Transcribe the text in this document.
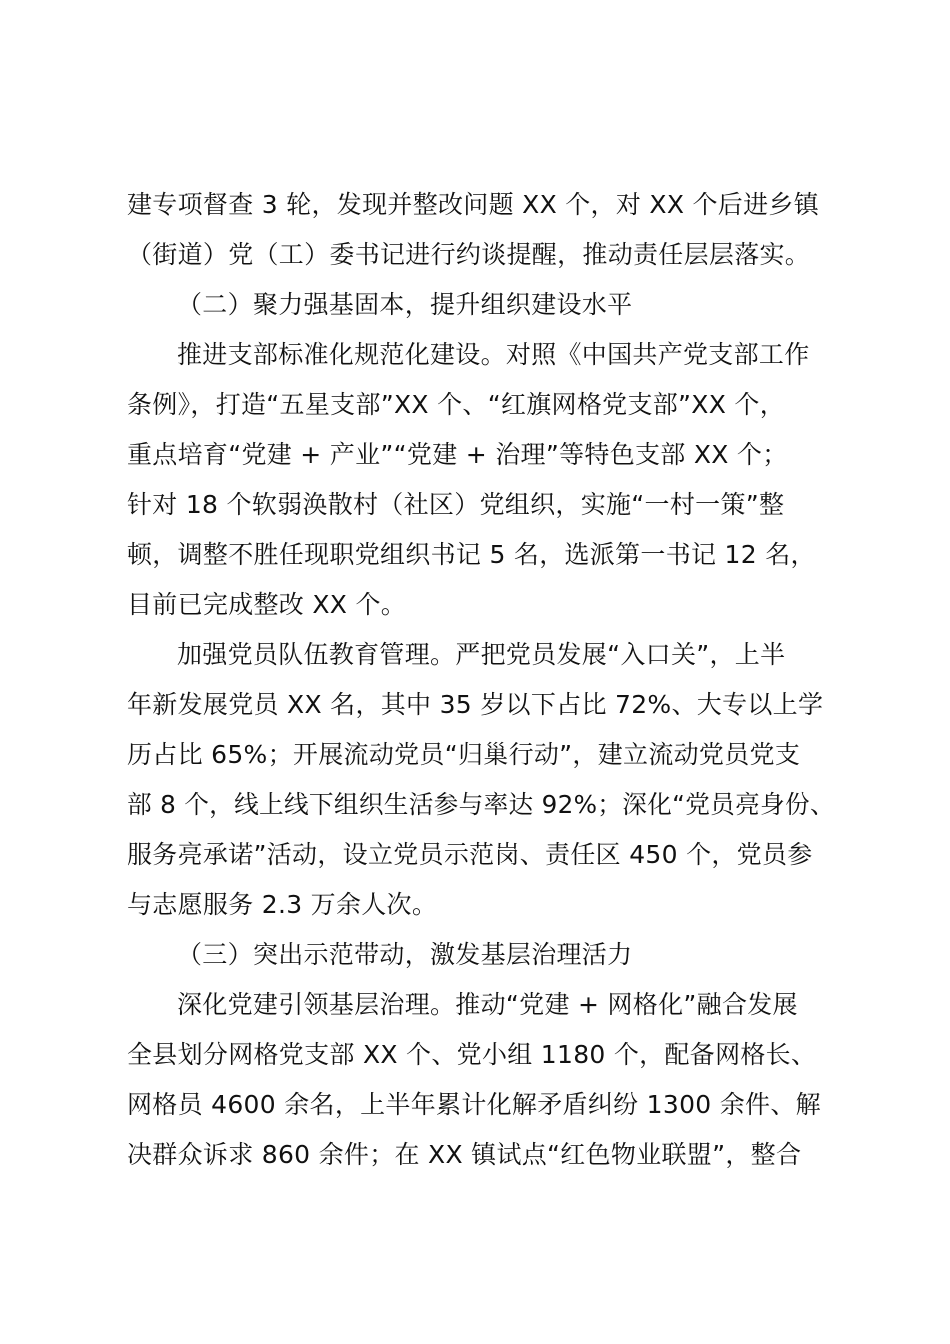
建专项督查 3 轮，发现并整改问题 XX 个，对 XX 个后进乡镇
（街道）党（工）委书记进行约谈提醒，推动责任层层落实。
（二）聚力强基固本，提升组织建设水平
推进支部标准化规范化建设。对照《中国共产党支部工作
条例》，打造“五星支部”XX 个、“红旗网格党支部”XX 个，
重点培育“党建 + 产业”“党建 + 治理”等特色支部 XX 个；
针对 18 个软弱涣散村（社区）党组织，实施“一村一策”整
顿，调整不胜任现职党组织书记 5 名，选派第一书记 12 名，
目前已完成整改 XX 个。
加强党员队伍教育管理。严把党员发展“入口关”，上半
年新发展党员 XX 名，其中 35 岁以下占比 72%、大专以上学
历占比 65%；开展流动党员“归巢行动”，建立流动党员党支
部 8 个，线上线下组织生活参与率达 92%；深化“党员亮身份、
服务亮承诺”活动，设立党员示范岗、责任区 450 个，党员参
与志愿服务 2.3 万余人次。
（三）突出示范带动，激发基层治理活力
深化党建引领基层治理。推动“党建 + 网格化”融合发展
全县划分网格党支部 XX 个、党小组 1180 个，配备网格长、
网格员 4600 余名，上半年累计化解矛盾纠纷 1300 余件、解
决群众诉求 860 余件；在 XX 镇试点“红色物业联盟”，整合
